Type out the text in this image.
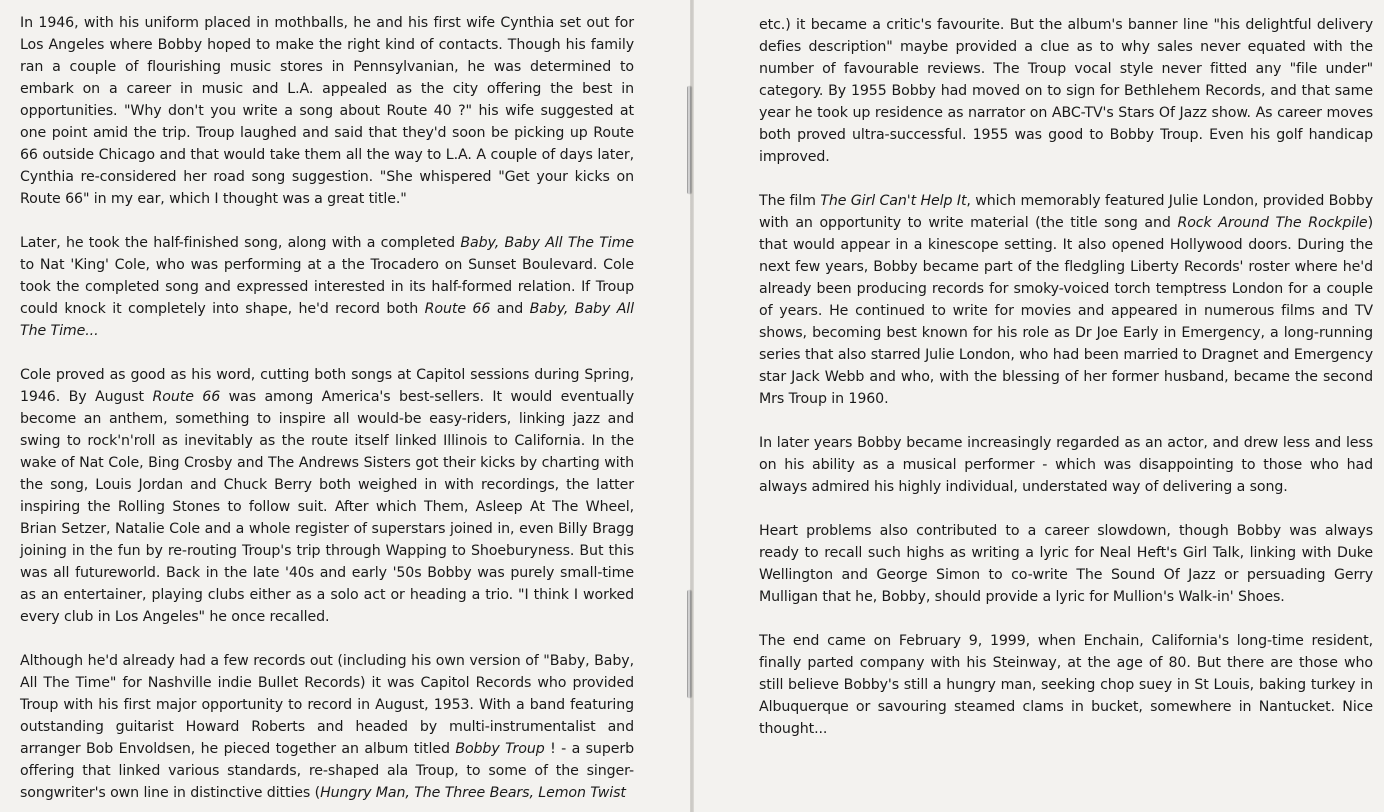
In 1946, with his uniform placed in mothballs, he and his first wife Cynthia set out for Los Angeles where Bobby hoped to make the right kind of contacts. Though his family ran a couple of flourishing music stores in Pennsylvanian, he was determined to embark on a career in music and L.A. appealed as the city offering the best in opportunities. "Why don't you write a song about Route 40 ?" his wife suggested at one point amid the trip. Troup laughed and said that they'd soon be picking up Route 66 outside Chicago and that would take them all the way to L.A. A couple of days later, Cynthia re-considered her road song suggestion. "She whispered "Get your kicks on Route 66" in my ear, which I thought was a great title."

Later, he took the half-finished song, along with a completed Baby, Baby All The Time to Nat 'King' Cole, who was performing at a the Trocadero on Sunset Boulevard. Cole took the completed song and expressed interested in its half-formed relation. If Troup could knock it completely into shape, he'd record both Route 66 and Baby, Baby All The Time...

Cole proved as good as his word, cutting both songs at Capitol sessions during Spring, 1946. By August Route 66 was among America's best-sellers. It would eventually become an anthem, something to inspire all would-be easy-riders, linking jazz and swing to rock'n'roll as inevitably as the route itself linked Illinois to California. In the wake of Nat Cole, Bing Crosby and The Andrews Sisters got their kicks by charting with the song, Louis Jordan and Chuck Berry both weighed in with recordings, the latter inspiring the Rolling Stones to follow suit. After which Them, Asleep At The Wheel, Brian Setzer, Natalie Cole and a whole register of superstars joined in, even Billy Bragg joining in the fun by re-routing Troup's trip through Wapping to Shoeburyness. But this was all futureworld. Back in the late '40s and early '50s Bobby was purely small-time as an entertainer, playing clubs either as a solo act or heading a trio. "I think I worked every club in Los Angeles" he once recalled.

Although he'd already had a few records out (including his own version of "Baby, Baby, All The Time" for Nashville indie Bullet Records) it was Capitol Records who provided Troup with his first major opportunity to record in August, 1953. With a band featuring outstanding guitarist Howard Roberts and headed by multi-instrumentalist and arranger Bob Envoldsen, he pieced together an album titled Bobby Troup ! - a superb offering that linked various standards, re-shaped ala Troup, to some of the singer-songwriter's own line in distinctive ditties (Hungry Man, The Three Bears, Lemon Twist

etc.) it became a critic's favourite. But the album's banner line "his delightful delivery defies description" maybe provided a clue as to why sales never equated with the number of favourable reviews. The Troup vocal style never fitted any "file under" category. By 1955 Bobby had moved on to sign for Bethlehem Records, and that same year he took up residence as narrator on ABC-TV's Stars Of Jazz show. As career moves both proved ultra-successful. 1955 was good to Bobby Troup. Even his golf handicap improved.

The film The Girl Can't Help It, which memorably featured Julie London, provided Bobby with an opportunity to write material (the title song and Rock Around The Rockpile) that would appear in a kinescope setting. It also opened Hollywood doors. During the next few years, Bobby became part of the fledgling Liberty Records' roster where he'd already been producing records for smoky-voiced torch temptress London for a couple of years. He continued to write for movies and appeared in numerous films and TV shows, becoming best known for his role as Dr Joe Early in Emergency, a long-running series that also starred Julie London, who had been married to Dragnet and Emergency star Jack Webb and who, with the blessing of her former husband, became the second Mrs Troup in 1960.

In later years Bobby became increasingly regarded as an actor, and drew less and less on his ability as a musical performer - which was disappointing to those who had always admired his highly individual, understated way of delivering a song.

Heart problems also contributed to a career slowdown, though Bobby was always ready to recall such highs as writing a lyric for Neal Heft's Girl Talk, linking with Duke Wellington and George Simon to co-write The Sound Of Jazz or persuading Gerry Mulligan that he, Bobby, should provide a lyric for Mullion's Walk-in' Shoes.

The end came on February 9, 1999, when Enchain, California's long-time resident, finally parted company with his Steinway, at the age of 80. But there are those who still believe Bobby's still a hungry man, seeking chop suey in St Louis, baking turkey in Albuquerque or savouring steamed clams in bucket, somewhere in Nantucket. Nice thought...
